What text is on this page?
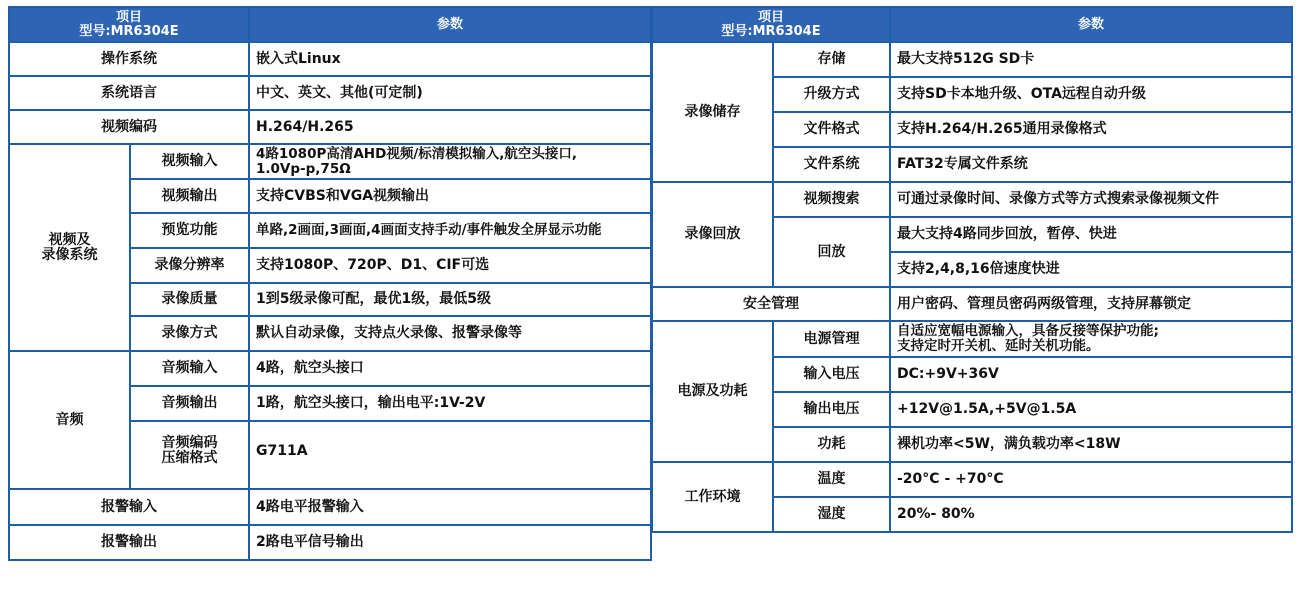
项目
型号:MR6304E		参数
操作系统		嵌入式Linux
系统语言		中文、英文、其他(可定制)
视频编码		H.264/H.265

视频及
录像系统	视频输入	4路1080P高清AHD视频/标清模拟输入,航空头接口,
1.0Vp-p,75Ω

	视频输出	支持CVBS和VGA视频输出
	预览功能	单路,2画面,3画面,4画面支持手动/事件触发全屏显示功能
	录像分辨率	支持1080P、720P、D1、CIF可选
	录像质量	1到5级录像可配，最优1级，最低5级
	录像方式	默认自动录像，支持点火录像、报警录像等
音频	音频输入	4路，航空头接口
	音频输出	1路，航空头接口，输出电平:1V-2V

	音频编码
压缩格式	G711A
报警输入		4路电平报警输入
报警输出		2路电平信号输出
项目
型号:MR6304E		参数
录像储存	存储	最大支持512G SD卡
	升级方式	支持SD卡本地升级、OTA远程自动升级
	文件格式	支持H.264/H.265通用录像格式
	文件系统	FAT32专属文件系统
录像回放	视频搜索	可通过录像时间、录像方式等方式搜索录像视频文件
	回放	最大支持4路同步回放，暂停、快进
		支持2,4,8,16倍速度快进
安全管理		用户密码、管理员密码两级管理，支持屏幕锁定
电源及功耗	电源管理	自适应宽幅电源输入，具备反接等保护功能;
支持定时开关机、延时关机功能。

	输入电压	DC:+9V+36V
	输出电压	+12V@1.5A,+5V@1.5A
	功耗	裸机功率<5W，满负载功率<18W
工作环境	温度	-20°C - +70°C
	湿度	20%- 80%
